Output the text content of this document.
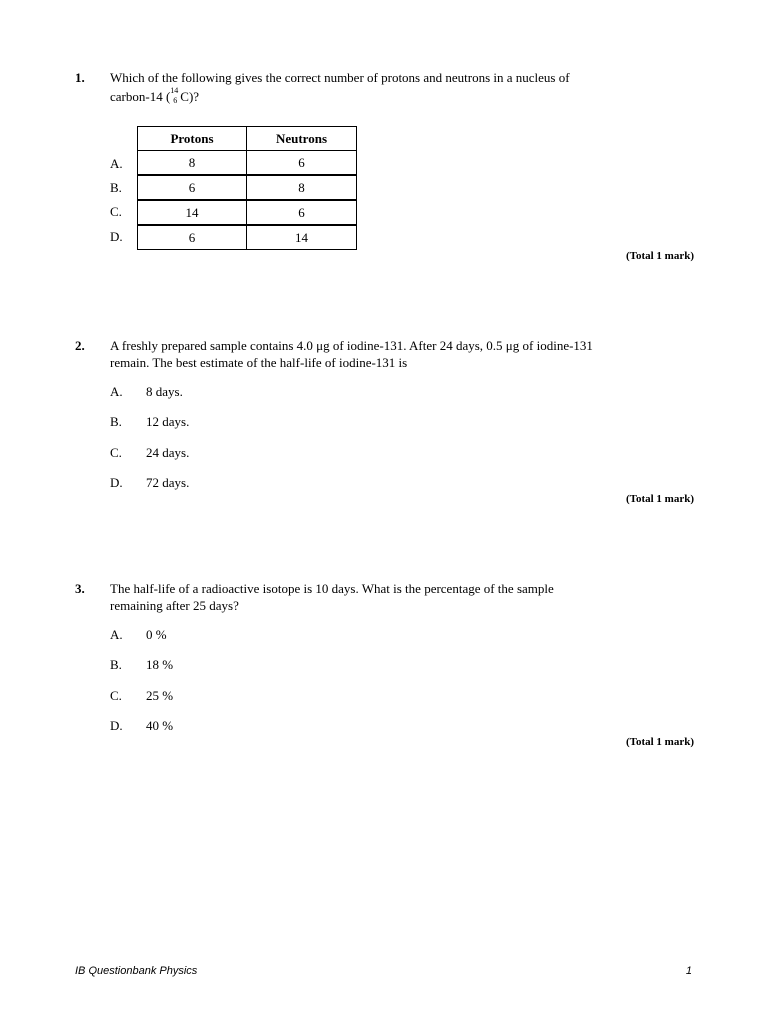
1. Which of the following gives the correct number of protons and neutrons in a nucleus of
carbon-14 ( 14
6 C)?
A.
B.
C.
D.
Protons	Neutrons
8	6
6	8
14	6
6	14
(Total 1 mark)
2. A freshly prepared sample contains 4.0 μg of iodine-131. After 24 days, 0.5 μg of iodine-131
remain. The best estimate of the half-life of iodine-131 is
A. 8 days.
B. 12 days.
C. 24 days.
D. 72 days.
(Total 1 mark)
3. The half-life of a radioactive isotope is 10 days. What is the percentage of the sample
remaining after 25 days?
A. 0 %
B. 18 %
C. 25 %
D. 40 %
(Total 1 mark)
IB Questionbank Physics	1
